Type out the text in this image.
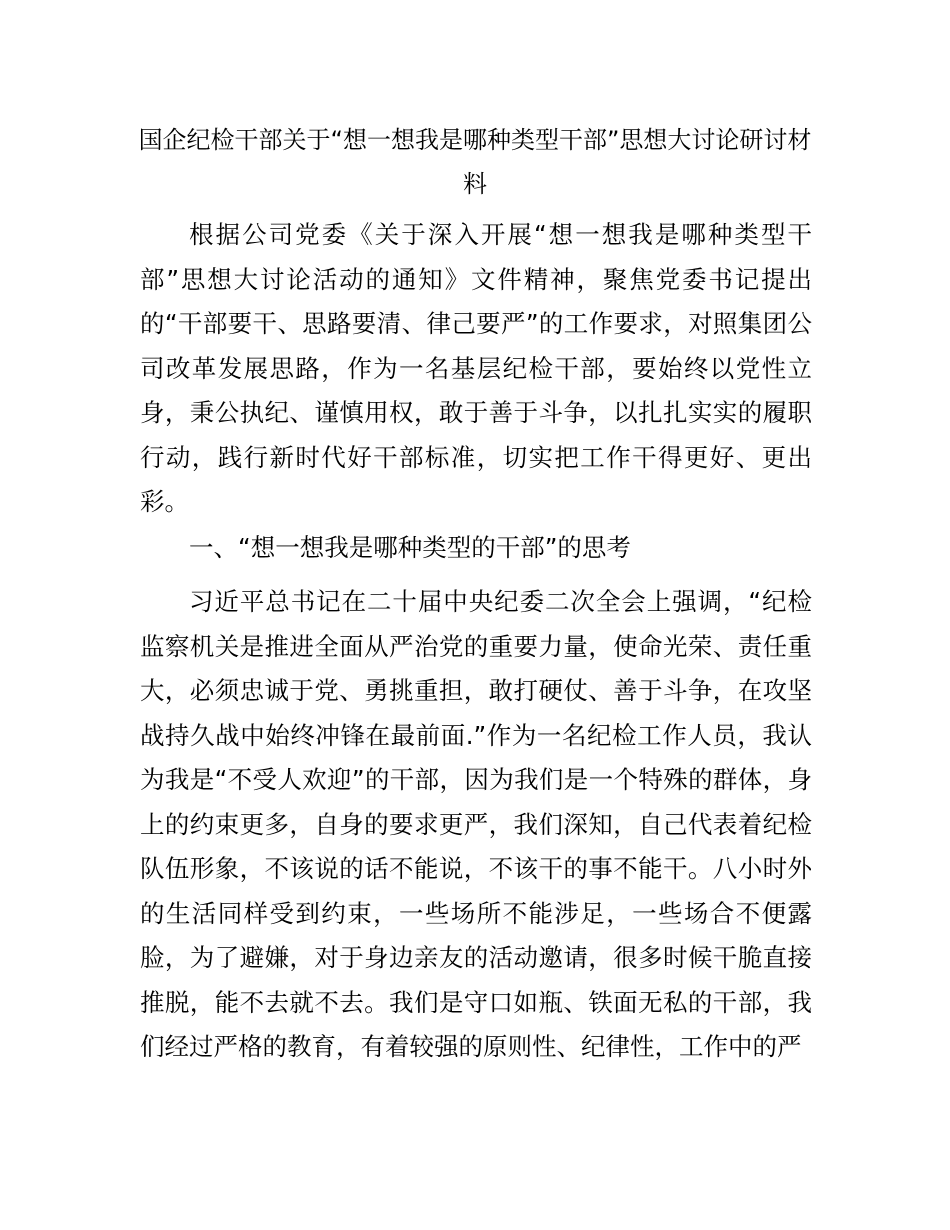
国企纪检干部关于“想一想我是哪种类型干部”思想大讨论研讨材料

根据公司党委《关于深入开展“想一想我是哪种类型干部”思想大讨论活动的通知》文件精神，聚焦党委书记提出的“干部要干、思路要清、律己要严”的工作要求，对照集团公司改革发展思路，作为一名基层纪检干部，要始终以党性立身，秉公执纪、谨慎用权，敢于善于斗争，以扎扎实实的履职行动，践行新时代好干部标准，切实把工作干得更好、更出彩。

一、“想一想我是哪种类型的干部”的思考

习近平总书记在二十届中央纪委二次全会上强调，“纪检监察机关是推进全面从严治党的重要力量，使命光荣、责任重大，必须忠诚于党、勇挑重担，敢打硬仗、善于斗争，在攻坚战持久战中始终冲锋在最前面.”作为一名纪检工作人员，我认为我是“不受人欢迎”的干部，因为我们是一个特殊的群体，身上的约束更多，自身的要求更严，我们深知，自己代表着纪检队伍形象，不该说的话不能说，不该干的事不能干。八小时外的生活同样受到约束，一些场所不能涉足，一些场合不便露脸，为了避嫌，对于身边亲友的活动邀请，很多时候干脆直接推脱，能不去就不去。我们是守口如瓶、铁面无私的干部，我们经过严格的教育，有着较强的原则性、纪律性，工作中的严
